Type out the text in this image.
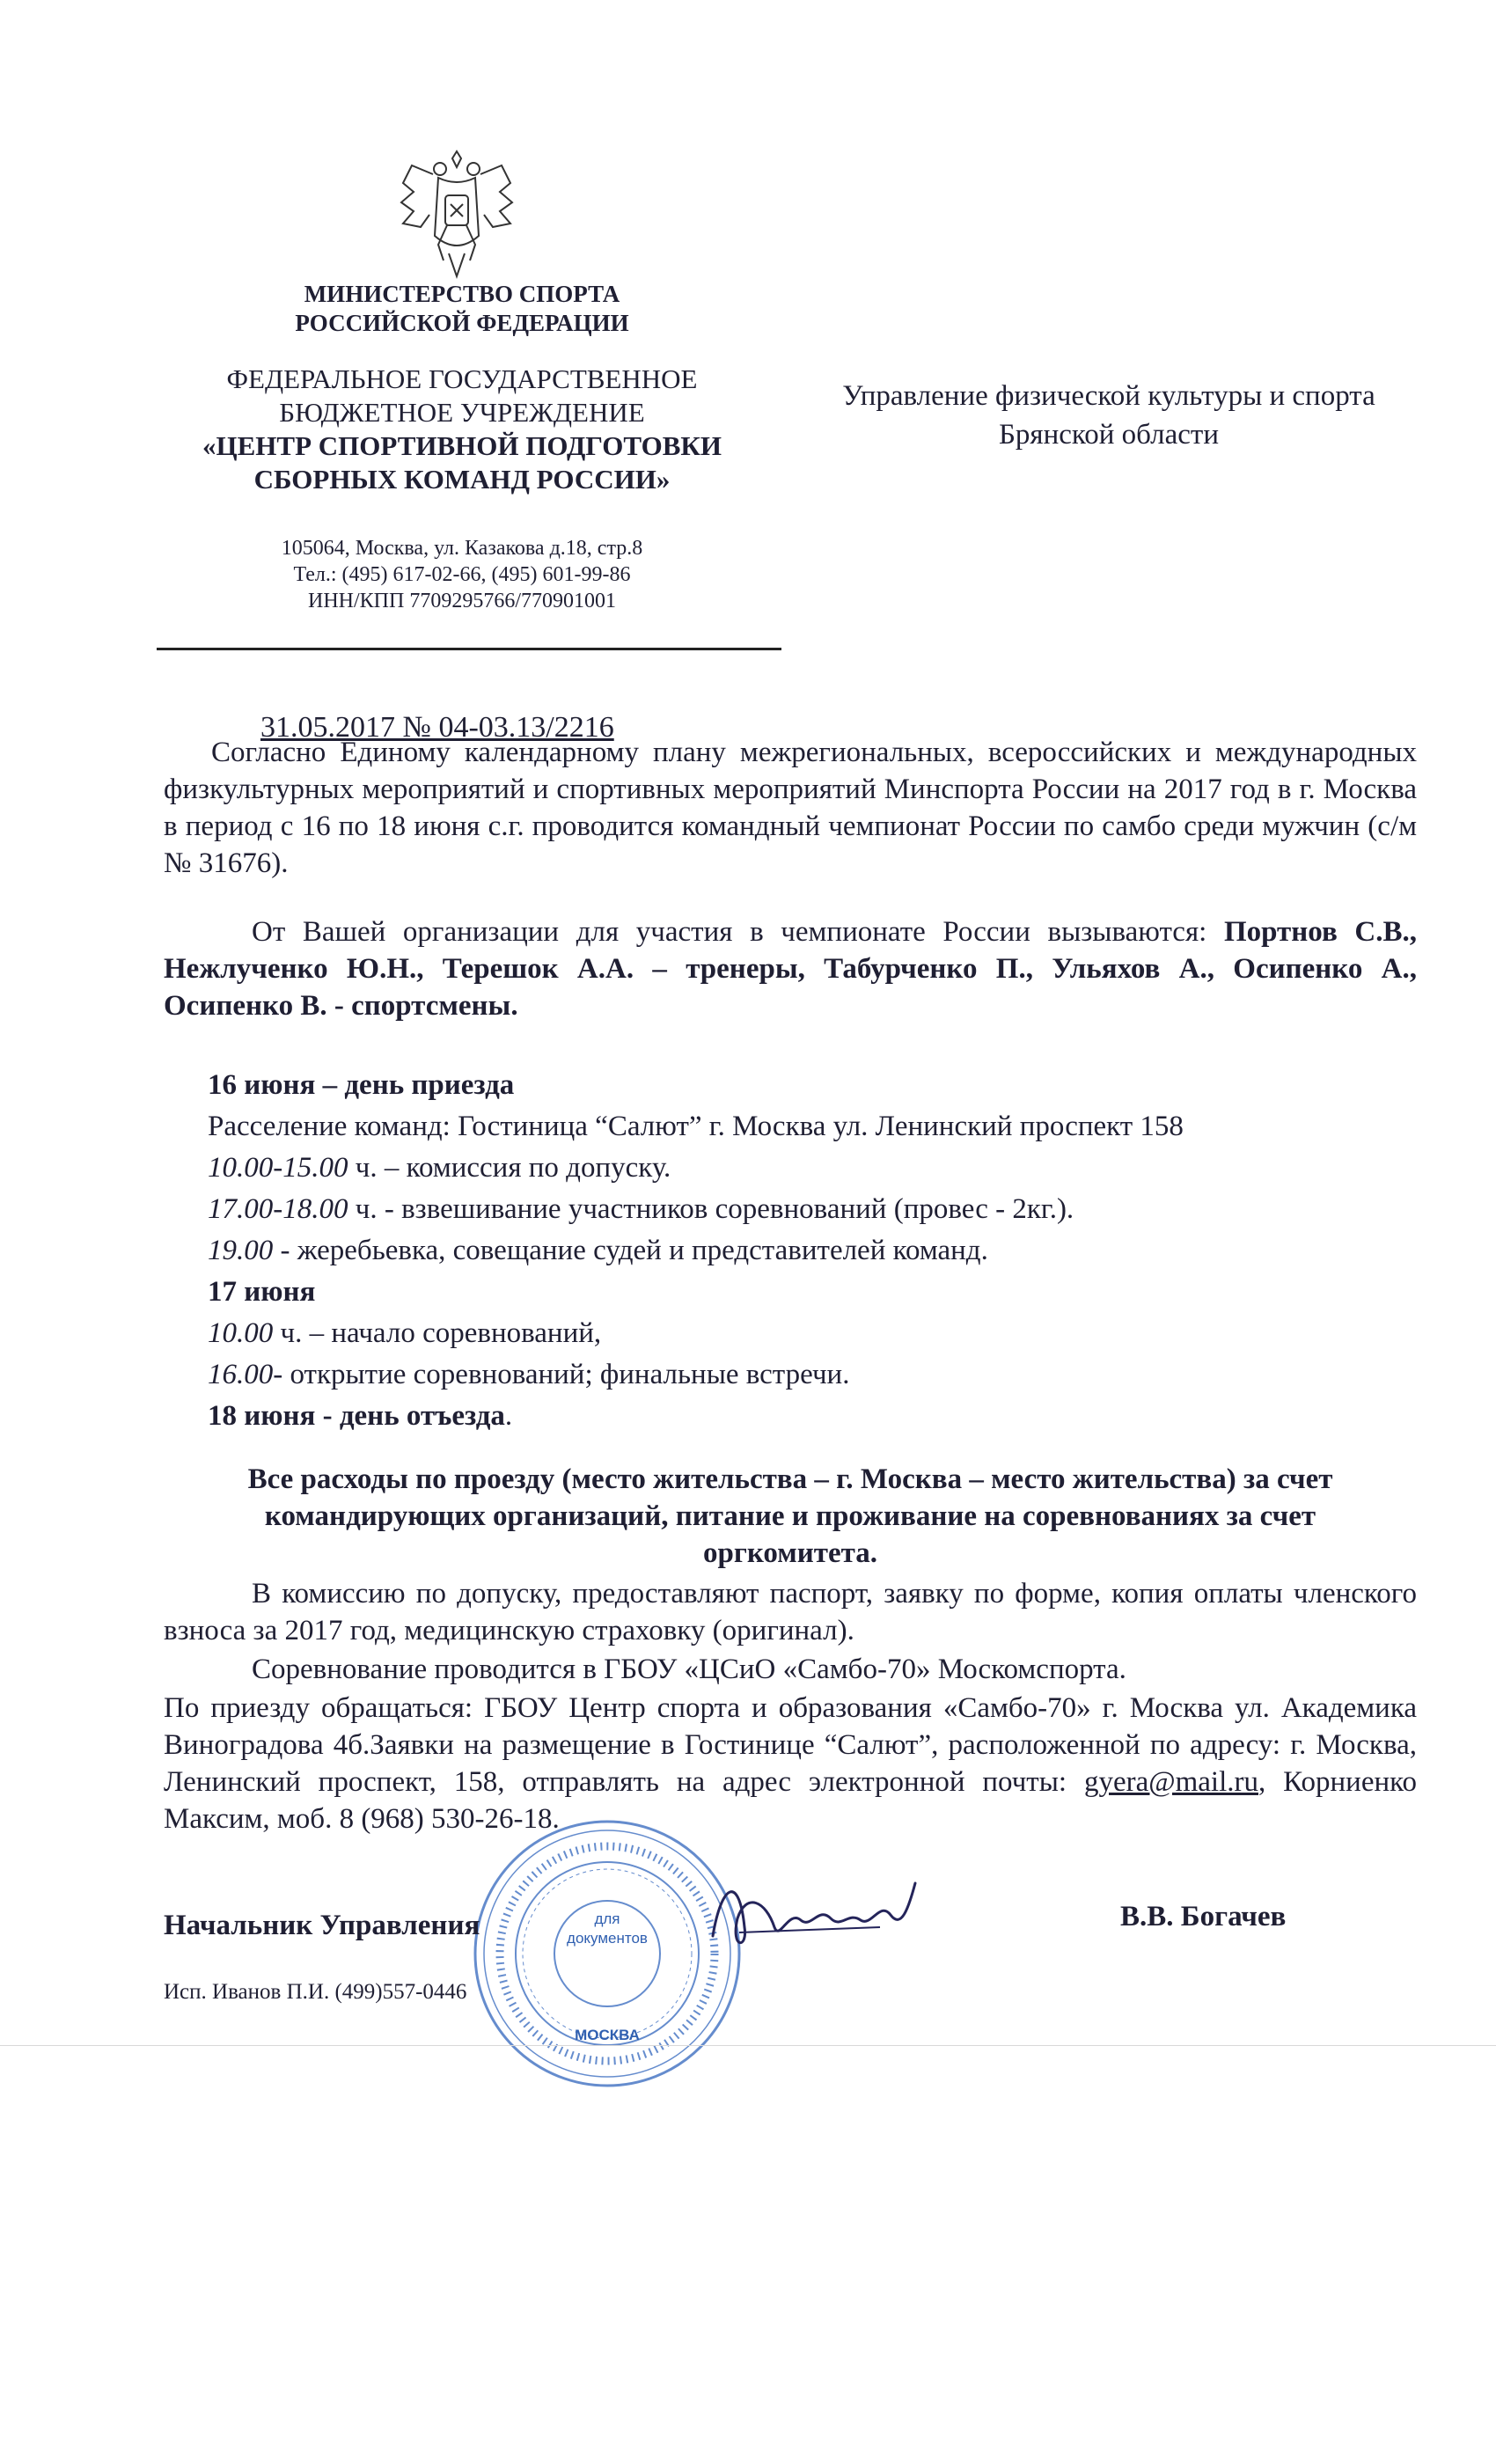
МИНИСТЕРСТВО СПОРТА
РОССИЙСКОЙ ФЕДЕРАЦИИ
ФЕДЕРАЛЬНОЕ ГОСУДАРСТВЕННОЕ
БЮДЖЕТНОЕ УЧРЕЖДЕНИЕ
«ЦЕНТР СПОРТИВНОЙ ПОДГОТОВКИ
СБОРНЫХ КОМАНД РОССИИ»
105064, Москва, ул. Казакова д.18, стр.8
Тел.: (495) 617-02-66, (495) 601-99-86
ИНН/КПП 7709295766/770901001
Управление физической культуры и спорта
Брянской области
31.05.2017 № 04-03.13/2216
Согласно Единому календарному плану межрегиональных, всероссийских и международных физкультурных мероприятий и спортивных мероприятий Минспорта России на 2017 год в г. Москва в период с 16 по 18 июня с.г. проводится командный чемпионат России по самбо среди мужчин (с/м № 31676).
От Вашей организации для участия в чемпионате России вызываются: Портнов С.В., Нежлученко Ю.Н., Терешок А.А. – тренеры, Табурченко П., Ульяхов А., Осипенко А., Осипенко В. - спортсмены.
16 июня – день приезда
Расселение команд: Гостиница “Салют” г. Москва ул. Ленинский проспект 158
10.00-15.00 ч. – комиссия по допуску.
17.00-18.00 ч. - взвешивание участников соревнований (провес - 2кг.).
19.00 - жеребьевка, совещание судей и представителей команд.
17 июня
10.00 ч. – начало соревнований,
16.00- открытие соревнований; финальные встречи.
18 июня - день отъезда.
Все расходы по проезду (место жительства – г. Москва – место жительства) за счет
командирующих организаций, питание и проживание на соревнованиях за счет
оргкомитета.
В комиссию по допуску, предоставляют паспорт, заявку по форме, копия оплаты членского взноса за 2017 год, медицинскую страховку (оригинал).
Соревнование проводится в ГБОУ «ЦСиО «Самбо-70» Москомспорта.
По приезду обращаться: ГБОУ Центр спорта и образования «Самбо-70» г. Москва ул. Академика Виноградова 4б.Заявки на размещение в Гостинице “Салют”, расположенной по адресу: г. Москва, Ленинский проспект, 158, отправлять на адрес электронной почты: gyera@mail.ru, Корниенко Максим, моб. 8 (968) 530-26-18.
для
документов
МОСКВА
Начальник Управления	В.В. Богачев
Исп. Иванов П.И. (499)557-0446
